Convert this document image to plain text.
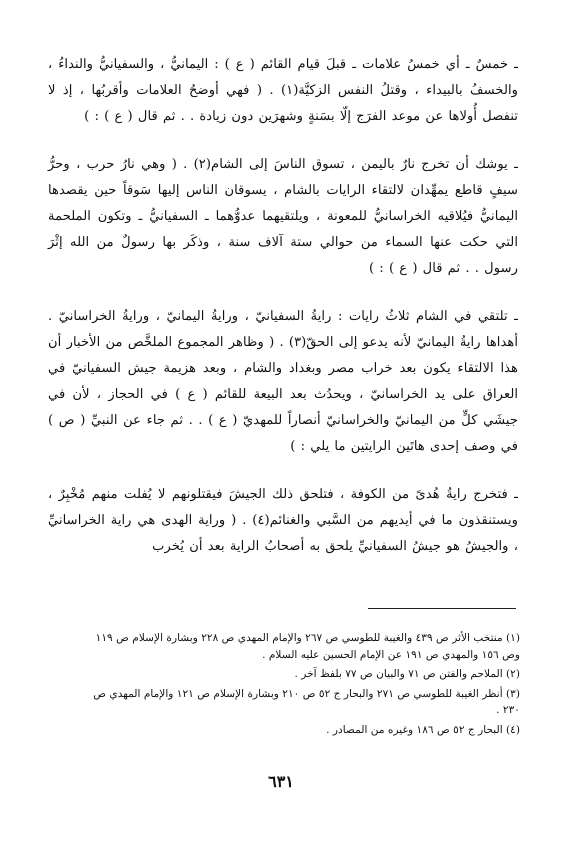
ـ خمسٌ ـ أي خمسُ علامات ـ قبلَ قيام القائم ( ع ) : اليمانيُّ ، والسفيانيُّ والنداءُ ، والخسفُ بالبيداء ، وقتلُ النفس الزكيَّة(١) . ( فهي أوضحُ العلامات وأقربُها ، إذ لا تنفصل أُولاها عن موعد الفرَج إلّا بسَنةٍ وشهرَين دون زيادة . . ثم قال ( ع ) : )

ـ يوشك أن تخرج نارٌ باليمن ، تسوق الناسَ إلى الشام(٢) . ( وهي نارُ حرب ، وحرُّ سيفٍ قاطع يمهِّدان لالتقاء الرايات بالشام ، يسوقان الناس إليها سَوقاً حين يقصدها اليمانيُّ فيُلاقيه الخراسانيُّ للمعونة ، ويلتقيهما عدوُّهما ـ السفيانيُّ ـ وتكون الملحمة التي حكت عنها السماء من حوالي ستة آلاف سنة ، وذكَر بها رسولٌ من الله إثْرَ رسول . . ثم قال ( ع ) : )

ـ تلتقي في الشام ثلاثُ رايات : رايةُ السفيانيّ ، ورايةُ اليمانيّ ، ورايةُ الخراسانيّ . أهداها رايةُ اليمانيّ لأنه يدعو إلى الحقّ(٣) . ( وظاهر المجموع الملخَّص من الأخبار أن هذا الالتقاء يكون بعد خراب مصر وبغداد والشام ، وبعد هزيمة جيش السفيانيّ في العراق على يد الخراسانيّ ، ويحدُث بعد البيعة للقائم ( ع ) في الحجاز ، لأن في جيشَي كلٍّ من اليمانيّ والخراسانيّ أنصاراً للمهديّ ( ع ) . . ثم جاء عن النبيِّ ( ص ) في وصف إحدى هاتَين الرايتين ما يلي : )

ـ فتخرج رايةُ هُدىً من الكوفة ، فتلحق ذلك الجيشَ فيقتلونهم لا يُفلت منهم مُخْبِرٌ ، ويستنقذون ما في أيديهم من السَّبي والغنائم(٤) . ( وراية الهدى هي راية الخراسانيِّ ، والجيشُ هو جيشُ السفيانيِّ يلحق به أصحابُ الراية بعد أن يُخرب

(١) منتخب الأثر ص ٤٣٩ والغيبة للطوسي ص ٢٦٧ والإمام المهدي ص ٢٢٨ وبشارة الإسلام ص ١١٩
وص ١٥٦ والمهدي ص ١٩١ عن الإمام الحسين عليه السلام .
(٢) الملاحم والفتن ص ٧١ والبيان ص ٧٧ بلفظ آخر .
(٣) أنظر الغيبة للطوسي ص ٢٧١ والبحار ج ٥٢ ص ٢١٠ وبشارة الإسلام ص ١٢١ والإمام المهدي ص
٢٣٠ .
(٤) البحار ج ٥٢ ص ١٨٦ وغيره من المصادر .
٦٣١
